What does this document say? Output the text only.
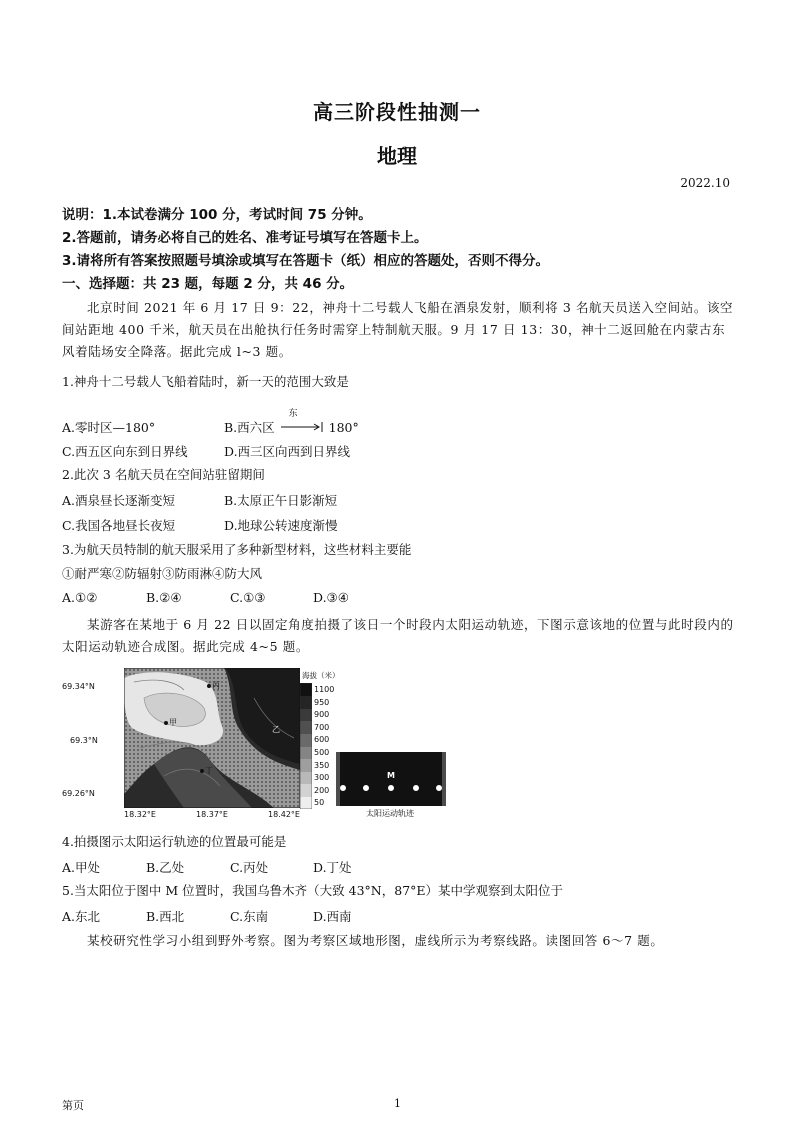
高三阶段性抽测一
地理
2022.10
说明：1.本试卷满分 100 分，考试时间 75 分钟。
2.答题前，请务必将自己的姓名、准考证号填写在答题卡上。
3.请将所有答案按照题号填涂或填写在答题卡（纸）相应的答题处，否则不得分。
一、选择题：共 23 题，每题 2 分，共 46 分。
北京时间 2021 年 6 月 17 日 9：22，神舟十二号载人飞船在酒泉发射，顺利将 3 名航天员送入空间站。该空间站距地 400 千米，航天员在出舱执行任务时需穿上特制航天服。9 月 17 日 13：30，神十二返回舱在内蒙古东风着陆场安全降落。据此完成 l~3 题。
1.神舟十二号载人飞船着陆时，新一天的范围大致是
A.零时区—180°	B.西六区
东
180°
C.西五区向东到日界线	D.西三区向西到日界线
2.此次 3 名航天员在空间站驻留期间
A.酒泉昼长逐渐变短	B.太原正午日影渐短
C.我国各地昼长夜短	D.地球公转速度渐慢
3.为航天员特制的航天服采用了多种新型材料，这些材料主要能
①耐严寒②防辐射③防雨淋④防大风
A.①②	B.②④	C.①③	D.③④
某游客在某地于 6 月 22 日以固定角度拍摄了该日一个时段内太阳运动轨迹，下图示意该地的位置与此时段内的太阳运动轨迹合成图。据此完成 4~5 题。
69.34°N
69.3°N
69.26°N
丙
甲
乙
丁
18.32°E	18.37°E	18.42°E
海拔（米）
1100
950
900
700
600
500
350
300
200
50
M
太阳运动轨迹
4.拍摄图示太阳运行轨迹的位置最可能是
A.甲处	B.乙处	C.丙处	D.丁处
5.当太阳位于图中 M 位置时，我国乌鲁木齐（大致 43°N，87°E）某中学观察到太阳位于
A.东北	B.西北	C.东南	D.西南
某校研究性学习小组到野外考察。图为考察区域地形图，虚线所示为考察线路。读图回答 6～7 题。
第页	1
